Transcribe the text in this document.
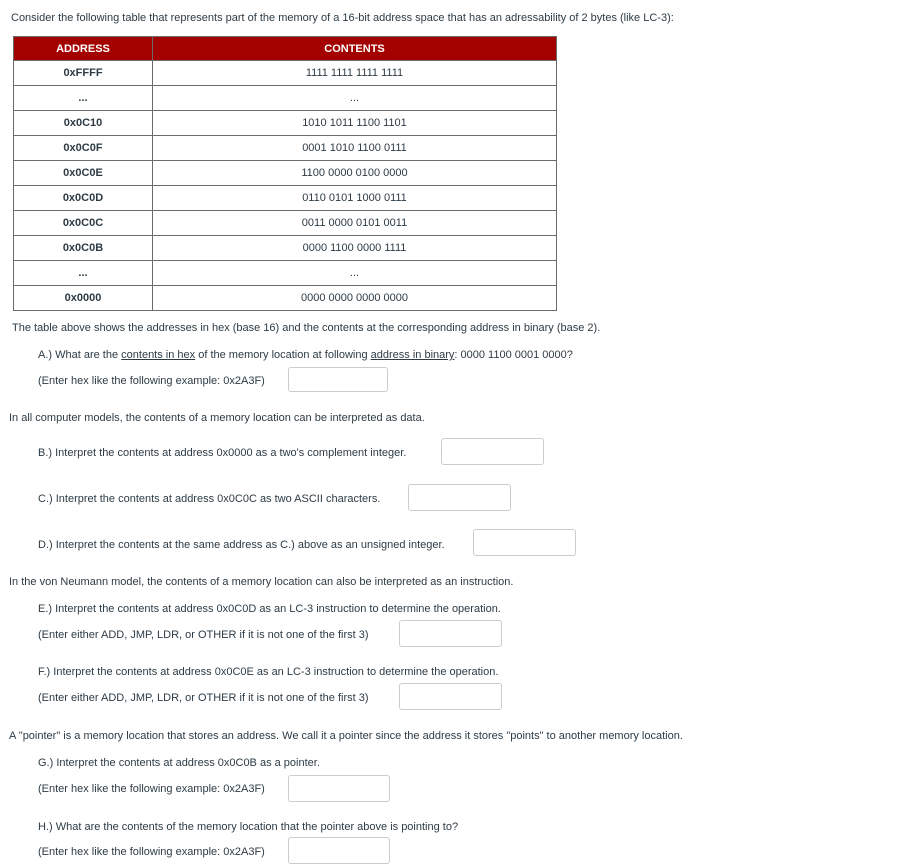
Consider the following table that represents part of the memory of a 16-bit address space that has an adressability of 2 bytes (like LC-3):
ADDRESS	CONTENTS
0xFFFF	1111 1111 1111 1111
...	...
0x0C10	1010 1011 1100 1101
0x0C0F	0001 1010 1100 0111
0x0C0E	1100 0000 0100 0000
0x0C0D	0110 0101 1000 0111
0x0C0C	0011 0000 0101 0011
0x0C0B	0000 1100 0000 1111
...	...
0x0000	0000 0000 0000 0000
The table above shows the addresses in hex (base 16) and the contents at the corresponding address in binary (base 2).
A.) What are the contents in hex of the memory location at following address in binary: 0000 1100 0001 0000?
(Enter hex like the following example: 0x2A3F)
In all computer models, the contents of a memory location can be interpreted as data.
B.) Interpret the contents at address 0x0000 as a two's complement integer.
C.) Interpret the contents at address 0x0C0C as two ASCII characters.
D.) Interpret the contents at the same address as C.) above as an unsigned integer.
In the von Neumann model, the contents of a memory location can also be interpreted as an instruction.
E.) Interpret the contents at address 0x0C0D as an LC-3 instruction to determine the operation.
(Enter either ADD, JMP, LDR, or OTHER if it is not one of the first 3)
F.) Interpret the contents at address 0x0C0E as an LC-3 instruction to determine the operation.
(Enter either ADD, JMP, LDR, or OTHER if it is not one of the first 3)
A "pointer" is a memory location that stores an address. We call it a pointer since the address it stores "points" to another memory location.
G.) Interpret the contents at address 0x0C0B as a pointer.
(Enter hex like the following example: 0x2A3F)
H.) What are the contents of the memory location that the pointer above is pointing to?
(Enter hex like the following example: 0x2A3F)
